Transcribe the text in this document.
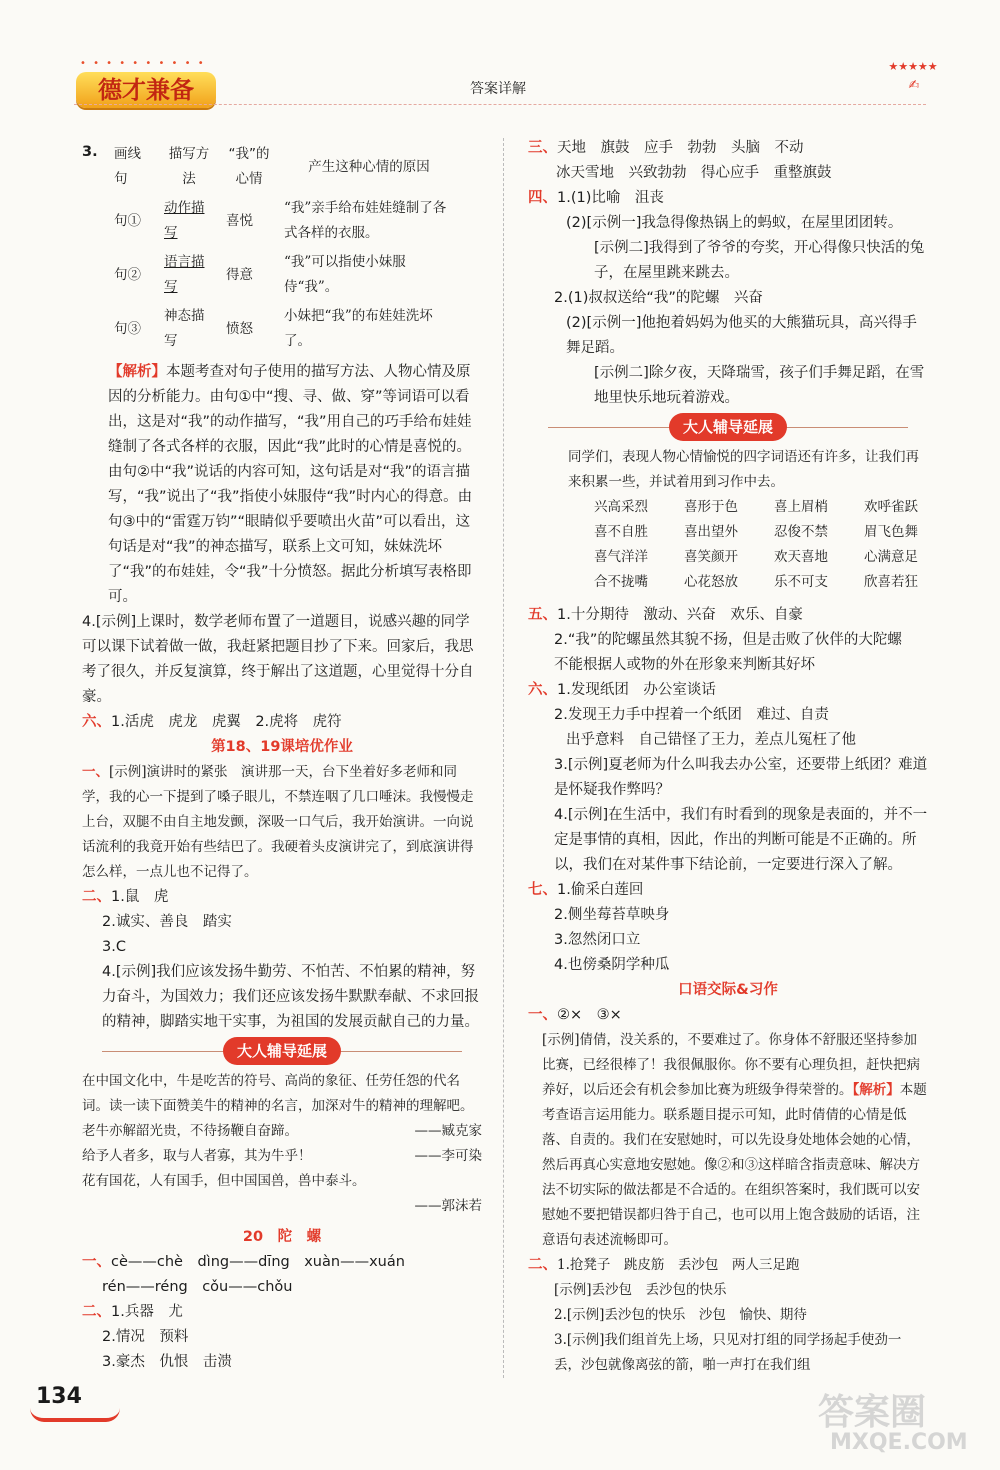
• • • • • • • • • •
德才兼备	答案详解
★★★★★
✍
3.	画线句	描写方法	“我”的心情	产生这种心情的原因
句①	动作描写	喜悦	“我”亲手给布娃娃缝制了各式各样的衣服。
句②	语言描写	得意	“我”可以指使小妹服侍“我”。
句③	神态描写	愤怒	小妹把“我”的布娃娃洗坏了。

【解析】本题考查对句子使用的描写方法、人物心情及原因的分析能力。由句①中“搜、寻、做、穿”等词语可以看出，这是对“我”的动作描写，“我”用自己的巧手给布娃娃缝制了各式各样的衣服，因此“我”此时的心情是喜悦的。由句②中“我”说话的内容可知，这句话是对“我”的语言描写，“我”说出了“我”指使小妹服侍“我”时内心的得意。由句③中的“雷霆万钧”“眼睛似乎要喷出火苗”可以看出，这句话是对“我”的神态描写，联系上文可知，妹妹洗坏了“我”的布娃娃，令“我”十分愤怒。据此分析填写表格即可。

4.[示例]上课时，数学老师布置了一道题目，说感兴趣的同学可以课下试着做一做，我赶紧把题目抄了下来。回家后，我思考了很久，并反复演算，终于解出了这道题，心里觉得十分自豪。

六、1.活虎　虎龙　虎翼　2.虎将　虎符

第18、19课培优作业

一、[示例]演讲时的紧张　演讲那一天，台下坐着好多老师和同学，我的心一下提到了嗓子眼儿，不禁连咽了几口唾沫。我慢慢走上台，双腿不由自主地发颤，深吸一口气后，我开始演讲。一向说话流利的我竟开始有些结巴了。我硬着头皮演讲完了，到底演讲得怎么样，一点儿也不记得了。

二、1.鼠　虎

2.诚实、善良　踏实

3.C

4.[示例]我们应该发扬牛勤劳、不怕苦、不怕累的精神，努力奋斗，为国效力；我们还应该发扬牛默默奉献、不求回报的精神，脚踏实地干实事，为祖国的发展贡献自己的力量。

大人辅导延展

在中国文化中，牛是吃苦的符号、高尚的象征、任劳任怨的代名词。读一读下面赞美牛的精神的名言，加深对牛的精神的理解吧。

老牛亦解韶光贵，不待扬鞭自奋蹄。	——臧克家
给予人者多，取与人者寡，其为牛乎！	——李可染
花有国花，人有国手，但中国国兽，兽中泰斗。
——郭沫若

20　陀　螺

一、cè——chè　dìng——dīng　xuàn——xuán

rén——réng　cǒu——chǒu

二、1.兵器　尤

2.情况　预料

3.豪杰　仇恨　击溃

三、天地　旗鼓　应手　勃勃　头脑　不动

冰天雪地　兴致勃勃　得心应手　重整旗鼓

四、1.(1)比喻　沮丧

(2)[示例一]我急得像热锅上的蚂蚁，在屋里团团转。

[示例二]我得到了爷爷的夸奖，开心得像只快活的兔子，在屋里跳来跳去。

2.(1)叔叔送给“我”的陀螺　兴奋

(2)[示例一]他抱着妈妈为他买的大熊猫玩具，高兴得手舞足蹈。

[示例二]除夕夜，天降瑞雪，孩子们手舞足蹈，在雪地里快乐地玩着游戏。

大人辅导延展

同学们，表现人物心情愉悦的四字词语还有许多，让我们再来积累一些，并试着用到习作中去。

兴高采烈	喜形于色	喜上眉梢	欢呼雀跃
喜不自胜	喜出望外	忍俊不禁	眉飞色舞
喜气洋洋	喜笑颜开	欢天喜地	心满意足
合不拢嘴	心花怒放	乐不可支	欣喜若狂

五、1.十分期待　激动、兴奋　欢乐、自豪

2.“我”的陀螺虽然其貌不扬，但是击败了伙伴的大陀螺　不能根据人或物的外在形象来判断其好坏

六、1.发现纸团　办公室谈话

2.发现王力手中捏着一个纸团　难过、自责

出乎意料　自己错怪了王力，差点儿冤枉了他

3.[示例]夏老师为什么叫我去办公室，还要带上纸团？难道是怀疑我作弊吗？

4.[示例]在生活中，我们有时看到的现象是表面的，并不一定是事情的真相，因此，作出的判断可能是不正确的。所以，我们在对某件事下结论前，一定要进行深入了解。

七、1.偷采白莲回

2.侧坐莓苔草映身

3.忽然闭口立

4.也傍桑阴学种瓜

口语交际&习作

一、②×　③×

[示例]倩倩，没关系的，不要难过了。你身体不舒服还坚持参加比赛，已经很棒了！我很佩服你。你不要有心理负担，赶快把病养好，以后还会有机会参加比赛为班级争得荣誉的。【解析】本题考查语言运用能力。联系题目提示可知，此时倩倩的心情是低落、自责的。我们在安慰她时，可以先设身处地体会她的心情，然后再真心实意地安慰她。像②和③这样暗含指责意味、解决方法不切实际的做法都是不合适的。在组织答案时，我们既可以安慰她不要把错误都归咎于自己，也可以用上饱含鼓励的话语，注意语句表述流畅即可。

二、1.抢凳子　跳皮筋　丢沙包　两人三足跑

[示例]丢沙包　丢沙包的快乐

2.[示例]丢沙包的快乐　沙包　愉快、期待

3.[示例]我们组首先上场，只见对打组的同学扬起手使劲一丢，沙包就像离弦的箭，啪一声打在我们组

134	答案圈
MXQE.COM
